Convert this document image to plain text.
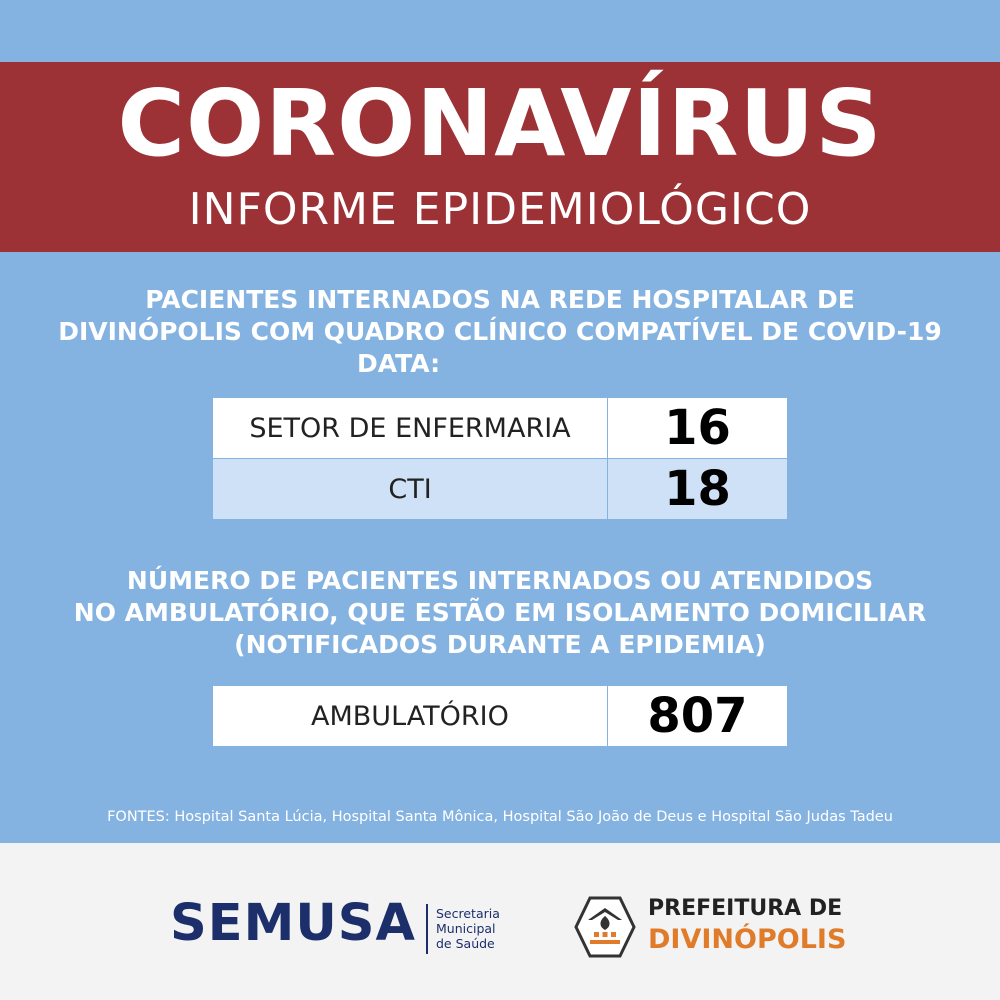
CORONAVÍRUS
INFORME EPIDEMIOLÓGICO
PACIENTES INTERNADOS NA REDE HOSPITALAR DE
DIVINÓPOLIS COM QUADRO CLÍNICO COMPATÍVEL DE COVID-19
DATA:
SETOR DE ENFERMARIA	16
CTI	18
NÚMERO DE PACIENTES INTERNADOS OU ATENDIDOS
NO AMBULATÓRIO, QUE ESTÃO EM ISOLAMENTO DOMICILIAR
(NOTIFICADOS DURANTE A EPIDEMIA)
AMBULATÓRIO	807
FONTES: Hospital Santa Lúcia, Hospital Santa Mônica, Hospital São João de Deus e Hospital São Judas Tadeu
SEMUSA Secretaria
Municipal
de Saúde
PREFEITURA DE
DIVINÓPOLIS
